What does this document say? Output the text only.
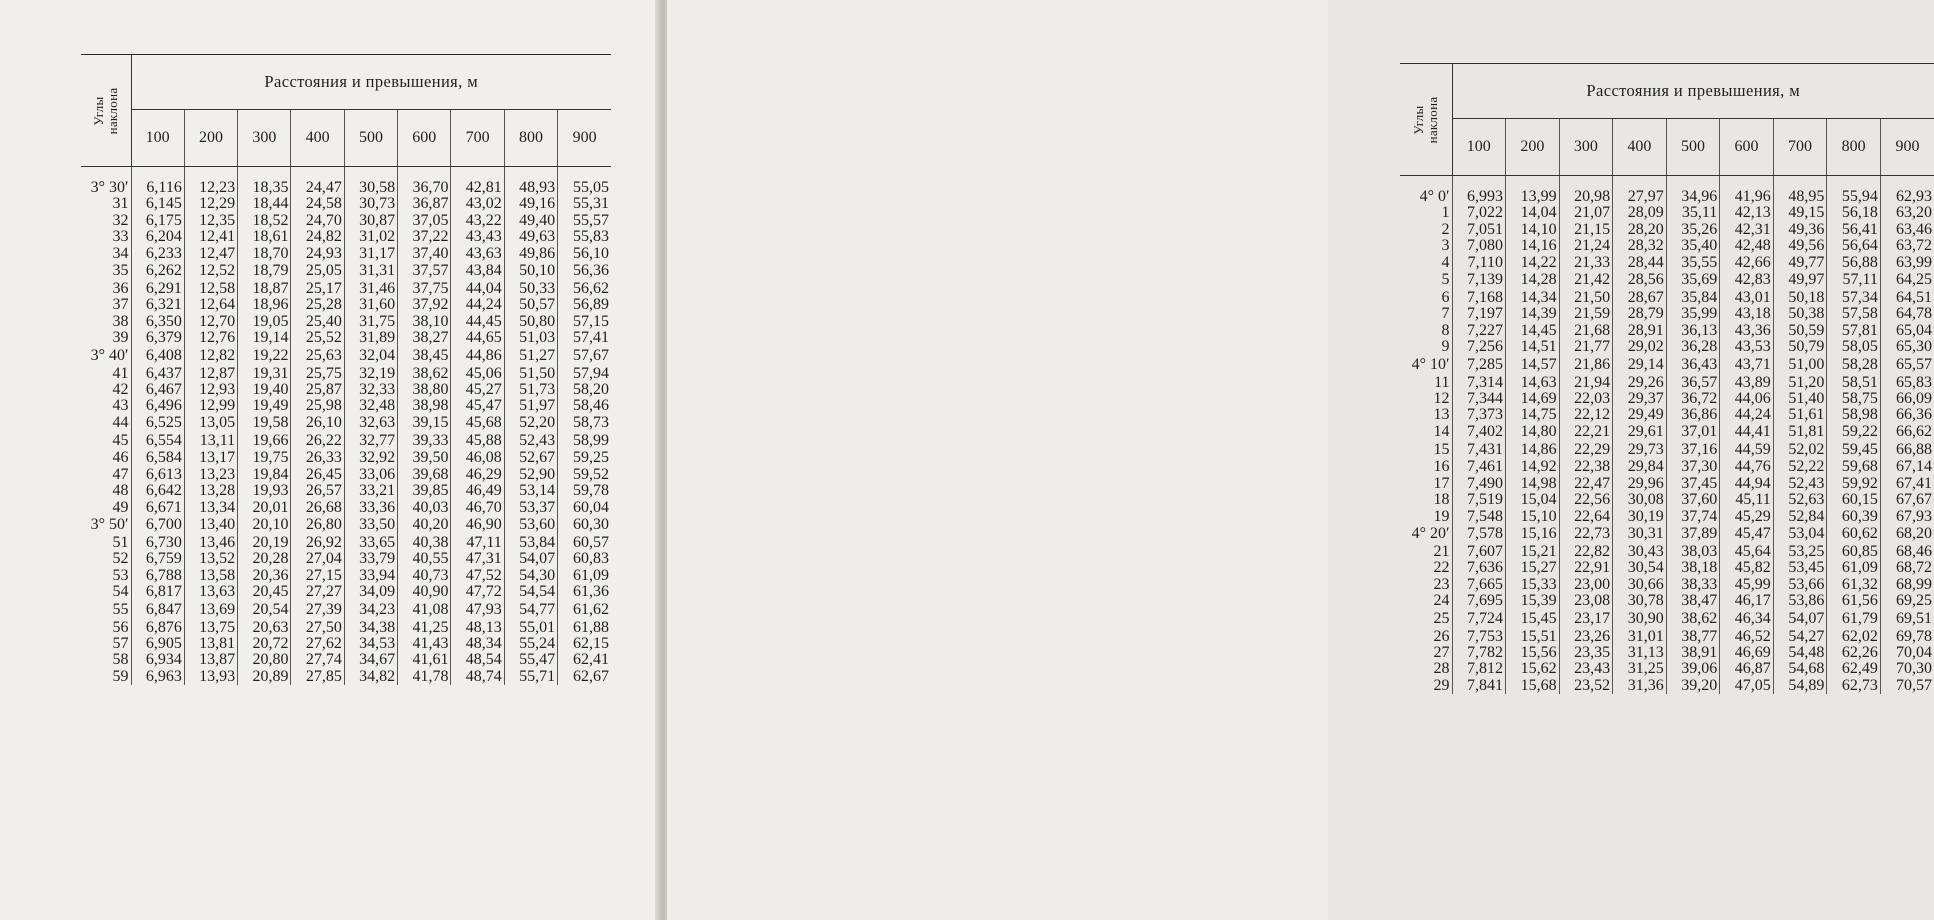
Углы
наклона	Расстояния и превышения, м								
	100	200	300	400	500	600	700	800	900

3° 30′	6,116	12,23	18,35	24,47	30,58	36,70	42,81	48,93	55,05
31	6,145	12,29	18,44	24,58	30,73	36,87	43,02	49,16	55,31
32	6,175	12,35	18,52	24,70	30,87	37,05	43,22	49,40	55,57
33	6,204	12,41	18,61	24,82	31,02	37,22	43,43	49,63	55,83
34	6,233	12,47	18,70	24,93	31,17	37,40	43,63	49,86	56,10
35	6,262	12,52	18,79	25,05	31,31	37,57	43,84	50,10	56,36
36	6,291	12,58	18,87	25,17	31,46	37,75	44,04	50,33	56,62
37	6,321	12,64	18,96	25,28	31,60	37,92	44,24	50,57	56,89
38	6,350	12,70	19,05	25,40	31,75	38,10	44,45	50,80	57,15
39	6,379	12,76	19,14	25,52	31,89	38,27	44,65	51,03	57,41
3° 40′	6,408	12,82	19,22	25,63	32,04	38,45	44,86	51,27	57,67
41	6,437	12,87	19,31	25,75	32,19	38,62	45,06	51,50	57,94
42	6,467	12,93	19,40	25,87	32,33	38,80	45,27	51,73	58,20
43	6,496	12,99	19,49	25,98	32,48	38,98	45,47	51,97	58,46
44	6,525	13,05	19,58	26,10	32,63	39,15	45,68	52,20	58,73
45	6,554	13,11	19,66	26,22	32,77	39,33	45,88	52,43	58,99
46	6,584	13,17	19,75	26,33	32,92	39,50	46,08	52,67	59,25
47	6,613	13,23	19,84	26,45	33,06	39,68	46,29	52,90	59,52
48	6,642	13,28	19,93	26,57	33,21	39,85	46,49	53,14	59,78
49	6,671	13,34	20,01	26,68	33,36	40,03	46,70	53,37	60,04
3° 50′	6,700	13,40	20,10	26,80	33,50	40,20	46,90	53,60	60,30
51	6,730	13,46	20,19	26,92	33,65	40,38	47,11	53,84	60,57
52	6,759	13,52	20,28	27,04	33,79	40,55	47,31	54,07	60,83
53	6,788	13,58	20,36	27,15	33,94	40,73	47,52	54,30	61,09
54	6,817	13,63	20,45	27,27	34,09	40,90	47,72	54,54	61,36
55	6,847	13,69	20,54	27,39	34,23	41,08	47,93	54,77	61,62
56	6,876	13,75	20,63	27,50	34,38	41,25	48,13	55,01	61,88
57	6,905	13,81	20,72	27,62	34,53	41,43	48,34	55,24	62,15
58	6,934	13,87	20,80	27,74	34,67	41,61	48,54	55,47	62,41
59	6,963	13,93	20,89	27,85	34,82	41,78	48,74	55,71	62,67

Углы
наклона	Расстояния и превышения, м								
	100	200	300	400	500	600	700	800	900

4° 0′	6,993	13,99	20,98	27,97	34,96	41,96	48,95	55,94	62,93
1	7,022	14,04	21,07	28,09	35,11	42,13	49,15	56,18	63,20
2	7,051	14,10	21,15	28,20	35,26	42,31	49,36	56,41	63,46
3	7,080	14,16	21,24	28,32	35,40	42,48	49,56	56,64	63,72
4	7,110	14,22	21,33	28,44	35,55	42,66	49,77	56,88	63,99
5	7,139	14,28	21,42	28,56	35,69	42,83	49,97	57,11	64,25
6	7,168	14,34	21,50	28,67	35,84	43,01	50,18	57,34	64,51
7	7,197	14,39	21,59	28,79	35,99	43,18	50,38	57,58	64,78
8	7,227	14,45	21,68	28,91	36,13	43,36	50,59	57,81	65,04
9	7,256	14,51	21,77	29,02	36,28	43,53	50,79	58,05	65,30
4° 10′	7,285	14,57	21,86	29,14	36,43	43,71	51,00	58,28	65,57
11	7,314	14,63	21,94	29,26	36,57	43,89	51,20	58,51	65,83
12	7,344	14,69	22,03	29,37	36,72	44,06	51,40	58,75	66,09
13	7,373	14,75	22,12	29,49	36,86	44,24	51,61	58,98	66,36
14	7,402	14,80	22,21	29,61	37,01	44,41	51,81	59,22	66,62
15	7,431	14,86	22,29	29,73	37,16	44,59	52,02	59,45	66,88
16	7,461	14,92	22,38	29,84	37,30	44,76	52,22	59,68	67,14
17	7,490	14,98	22,47	29,96	37,45	44,94	52,43	59,92	67,41
18	7,519	15,04	22,56	30,08	37,60	45,11	52,63	60,15	67,67
19	7,548	15,10	22,64	30,19	37,74	45,29	52,84	60,39	67,93
4° 20′	7,578	15,16	22,73	30,31	37,89	45,47	53,04	60,62	68,20
21	7,607	15,21	22,82	30,43	38,03	45,64	53,25	60,85	68,46
22	7,636	15,27	22,91	30,54	38,18	45,82	53,45	61,09	68,72
23	7,665	15,33	23,00	30,66	38,33	45,99	53,66	61,32	68,99
24	7,695	15,39	23,08	30,78	38,47	46,17	53,86	61,56	69,25
25	7,724	15,45	23,17	30,90	38,62	46,34	54,07	61,79	69,51
26	7,753	15,51	23,26	31,01	38,77	46,52	54,27	62,02	69,78
27	7,782	15,56	23,35	31,13	38,91	46,69	54,48	62,26	70,04
28	7,812	15,62	23,43	31,25	39,06	46,87	54,68	62,49	70,30
29	7,841	15,68	23,52	31,36	39,20	47,05	54,89	62,73	70,57
